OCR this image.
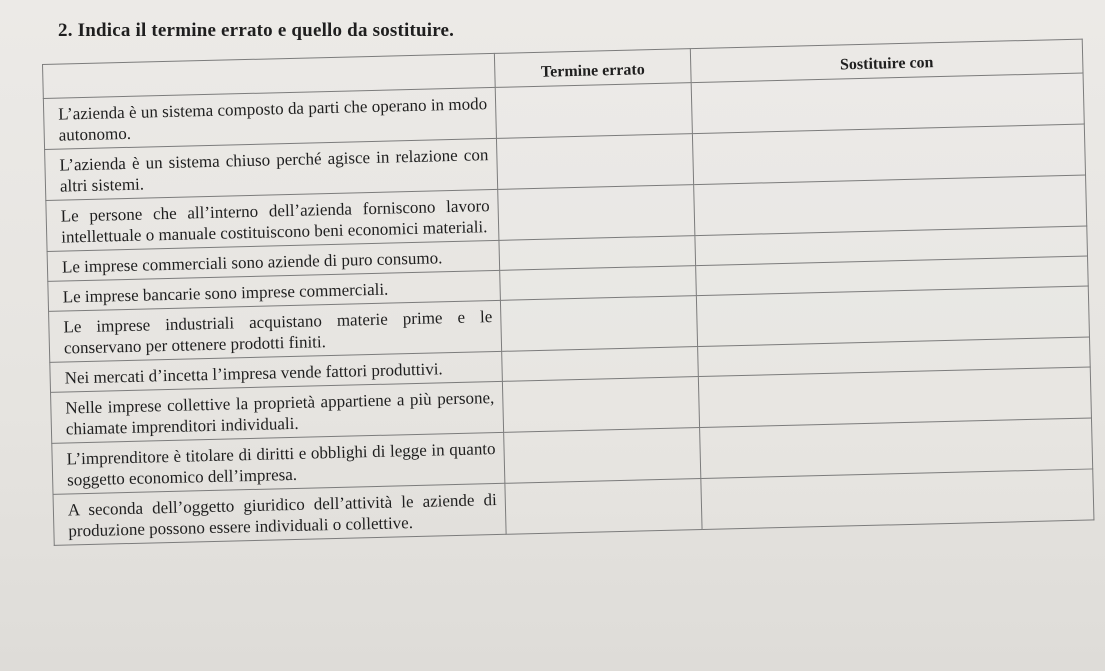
2. Indica il termine errato e quello da sostituire.
	Termine errato	Sostituire con

L’azienda è un sistema composto da parti che operano in modo autonomo.		

L’azienda è un sistema chiuso perché agisce in relazione con altri sistemi.		

Le persone che all’interno dell’azienda forniscono lavoro intellettuale o manuale costituiscono beni economici materiali.		

Le imprese commerciali sono aziende di puro consumo.		

Le imprese bancarie sono imprese commerciali.		

Le imprese industriali acquistano materie prime e le conservano per ottenere prodotti finiti.		

Nei mercati d’incetta l’impresa vende fattori produttivi.		

Nelle imprese collettive la proprietà appartiene a più persone, chiamate imprenditori individuali.		

L’imprenditore è titolare di diritti e obblighi di legge in quanto soggetto economico dell’impresa.		

A seconda dell’oggetto giuridico dell’attività le aziende di produzione possono essere individuali o collettive.		
